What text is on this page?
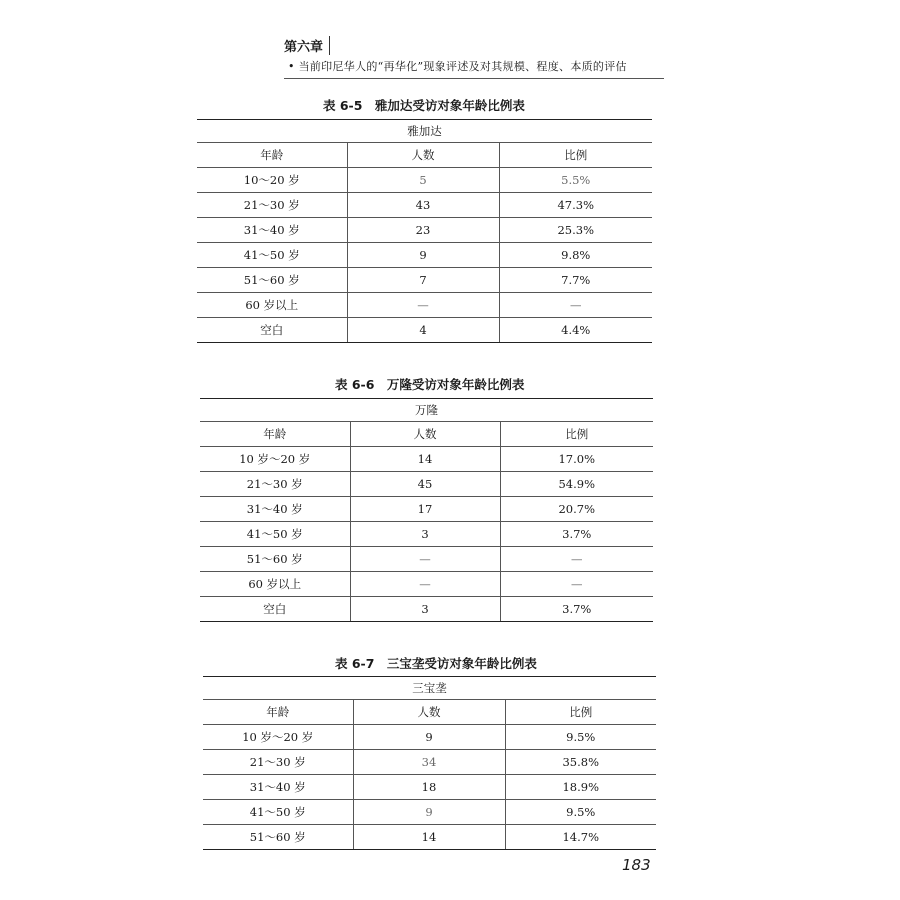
第六章
• 当前印尼华人的“再华化”现象评述及对其规模、程度、本质的评估
表 6-5　雅加达受访对象年龄比例表
雅加达		
年龄	人数	比例
10～20 岁	5	5.5%
21～30 岁	43	47.3%
31～40 岁	23	25.3%
41～50 岁	9	9.8%
51～60 岁	7	7.7%
60 岁以上	—	—
空白	4	4.4%
表 6-6　万隆受访对象年龄比例表
万隆		
年龄	人数	比例
10 岁～20 岁	14	17.0%
21～30 岁	45	54.9%
31～40 岁	17	20.7%
41～50 岁	3	3.7%
51～60 岁	—	—
60 岁以上	—	—
空白	3	3.7%
表 6-7　三宝垄受访对象年龄比例表
三宝垄		
年龄	人数	比例
10 岁～20 岁	9	9.5%
21～30 岁	34	35.8%
31～40 岁	18	18.9%
41～50 岁	9	9.5%
51～60 岁	14	14.7%
183
